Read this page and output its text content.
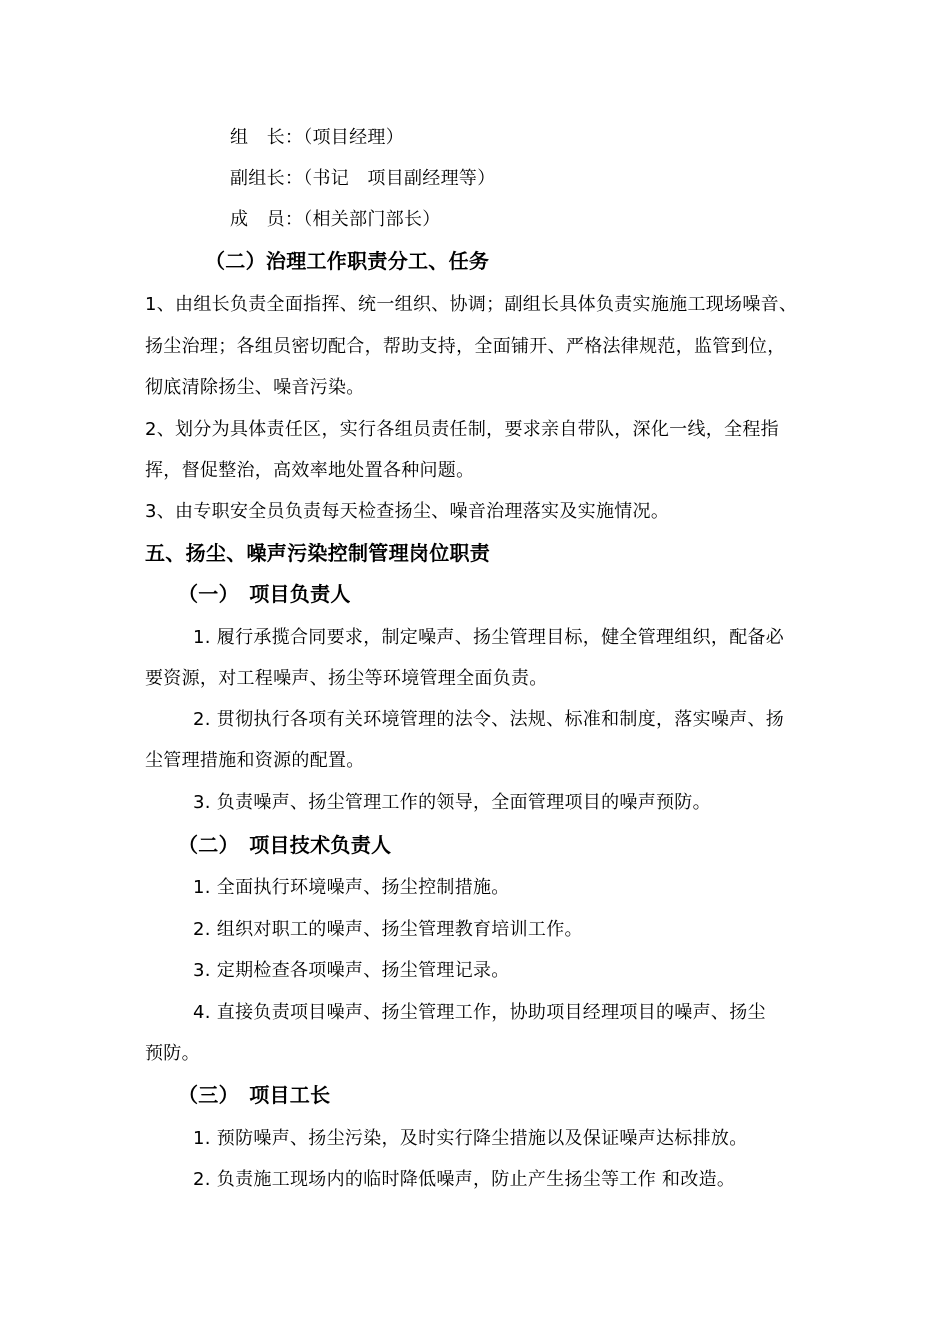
组　长：（项目经理）
副组长：（书记　项目副经理等）
成　员：（相关部门部长）
（二）治理工作职责分工、任务
1、由组长负责全面指挥、统一组织、协调；副组长具体负责实施施工现场噪音、
扬尘治理；各组员密切配合，帮助支持，全面铺开、严格法律规范，监管到位，
彻底清除扬尘、噪音污染。
2、划分为具体责任区，实行各组员责任制，要求亲自带队，深化一线，全程指
挥，督促整治，高效率地处置各种问题。
3、由专职安全员负责每天检查扬尘、噪音治理落实及实施情况。
五、扬尘、噪声污染控制管理岗位职责
（一）　项目负责人
1. 履行承揽合同要求，制定噪声、扬尘管理目标，健全管理组织，配备必
要资源，对工程噪声、扬尘等环境管理全面负责。
2. 贯彻执行各项有关环境管理的法令、法规、标准和制度，落实噪声、扬
尘管理措施和资源的配置。
3. 负责噪声、扬尘管理工作的领导，全面管理项目的噪声预防。
（二）　项目技术负责人
1. 全面执行环境噪声、扬尘控制措施。
2. 组织对职工的噪声、扬尘管理教育培训工作。
3. 定期检查各项噪声、扬尘管理记录。
4. 直接负责项目噪声、扬尘管理工作，协助项目经理项目的噪声、扬尘
预防。
（三）　项目工长
1. 预防噪声、扬尘污染，及时实行降尘措施以及保证噪声达标排放。
2. 负责施工现场内的临时降低噪声，防止产生扬尘等工作 和改造。
